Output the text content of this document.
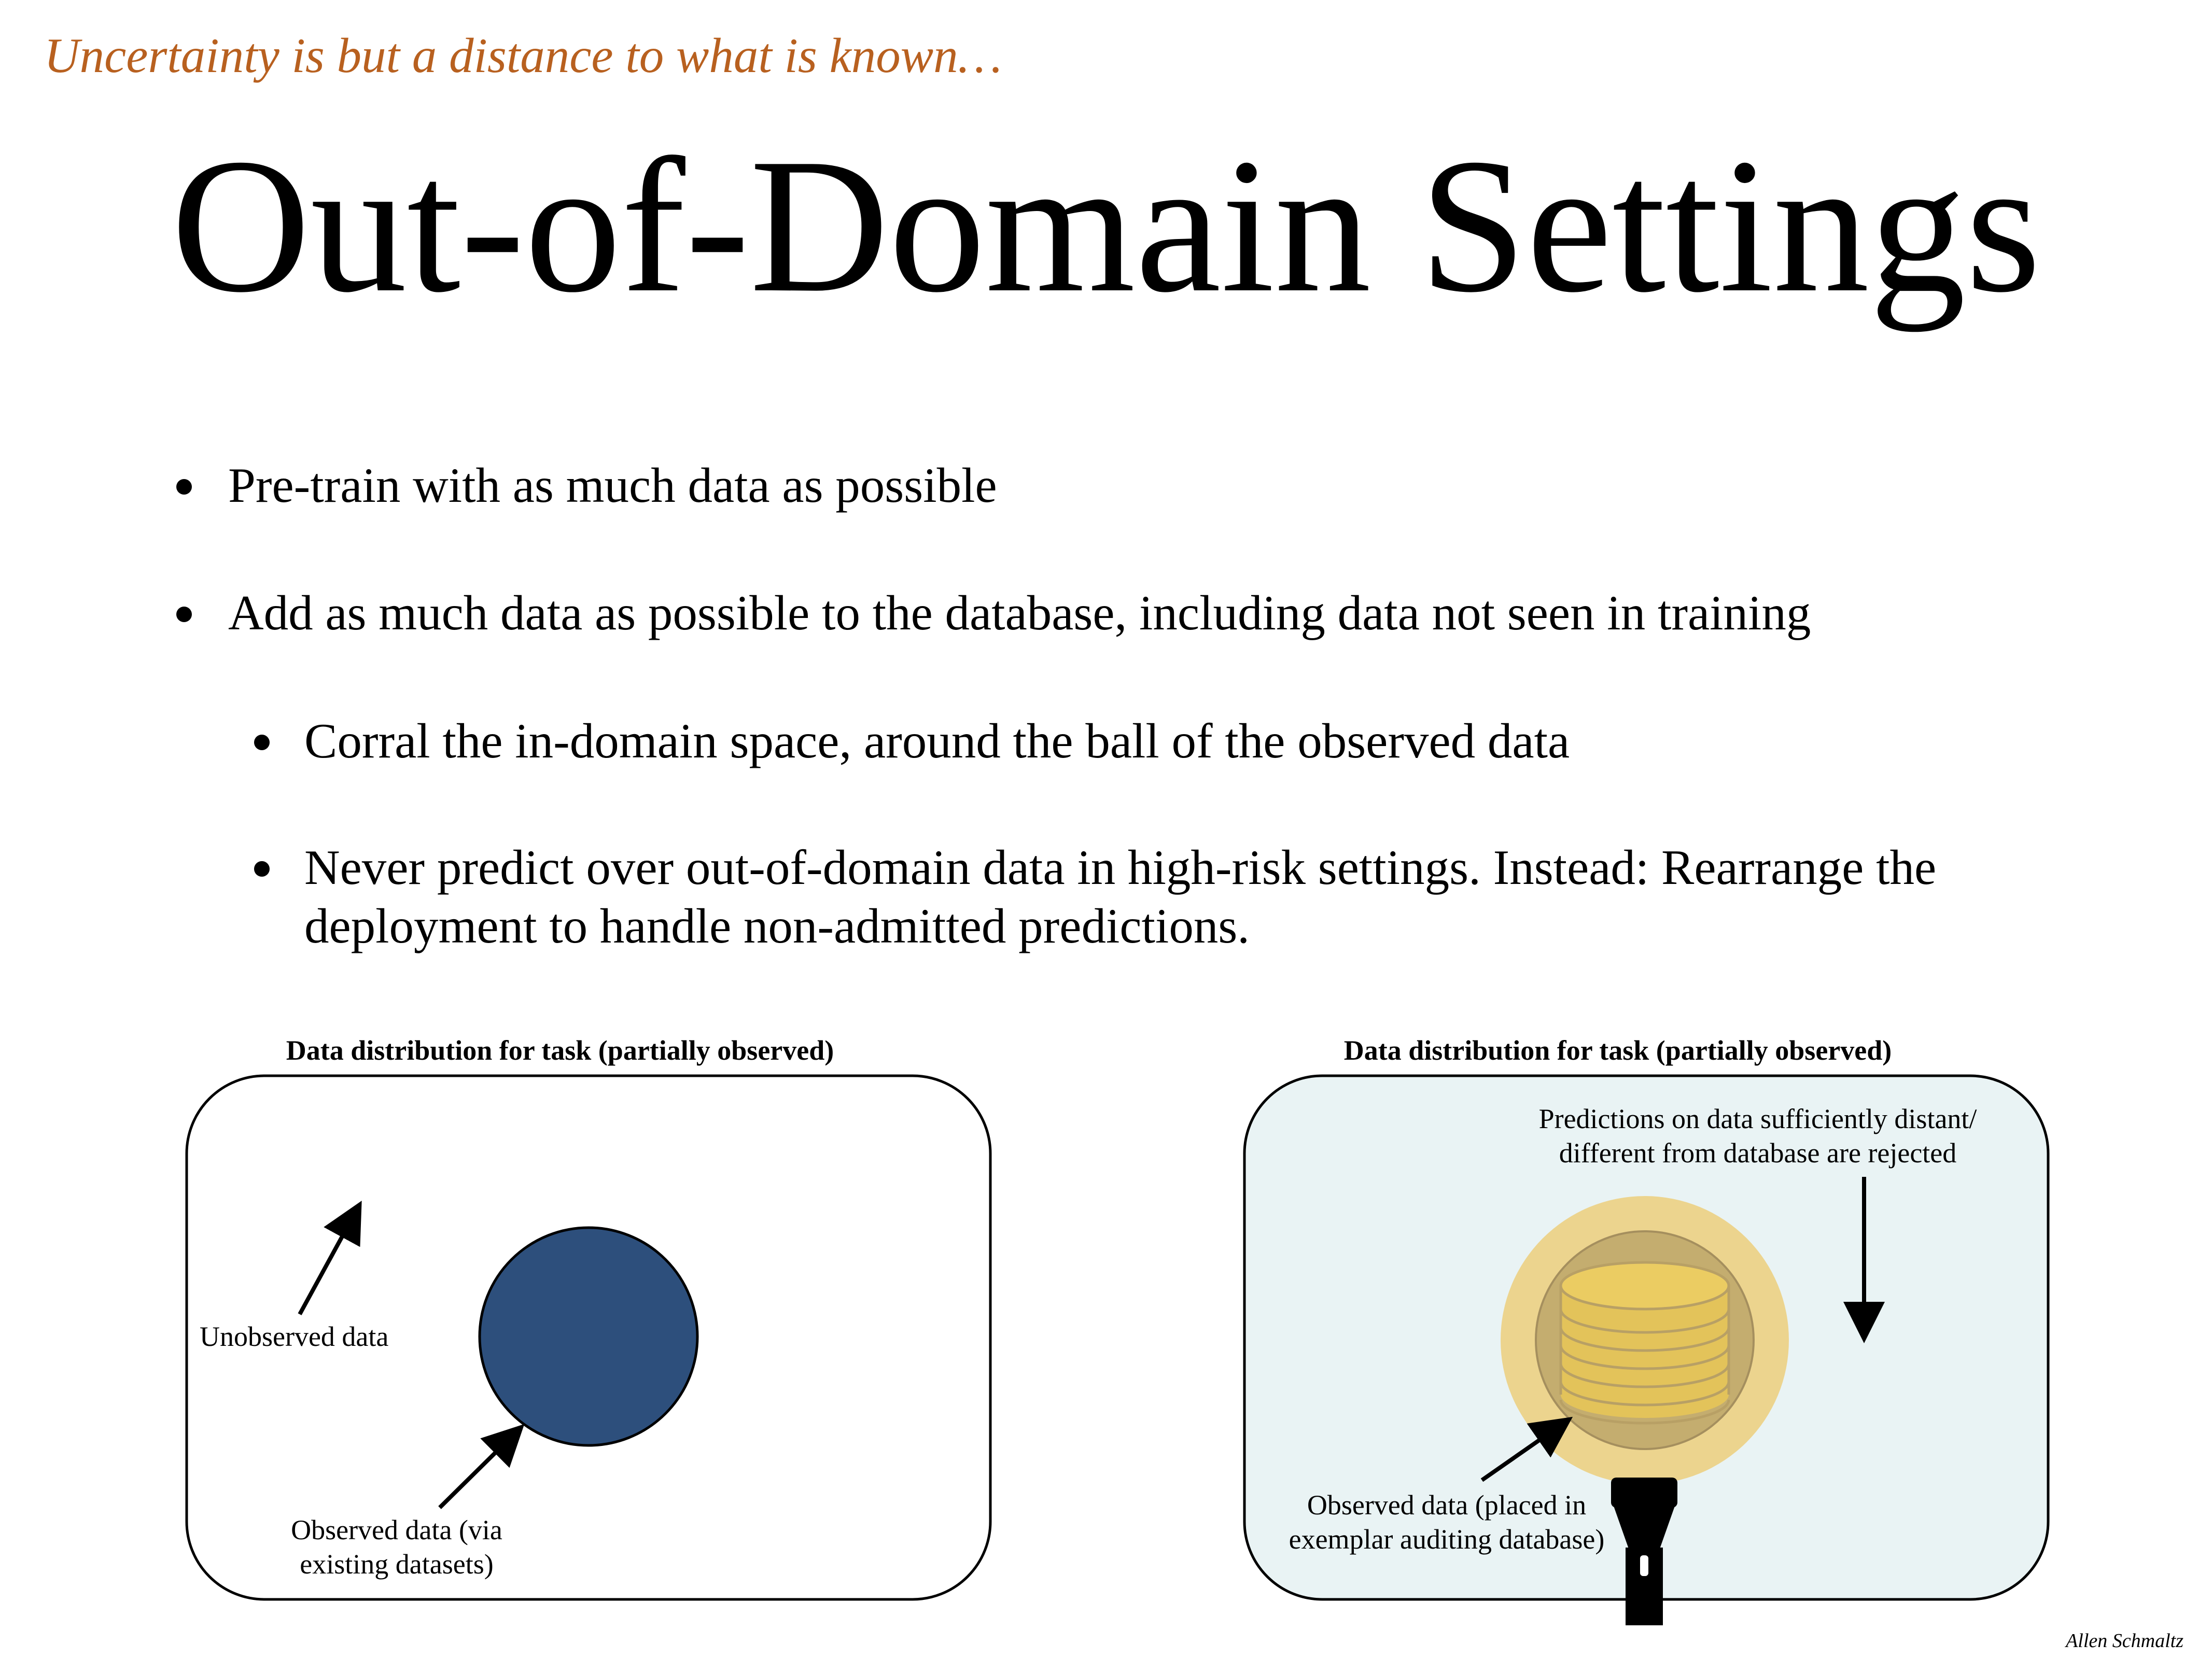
Uncertainty is but a distance to what is known…
Out-of-Domain Settings
Pre-train with as much data as possible
Add as much data as possible to the database, including data not seen in training
Corral the in-domain space, around the ball of the observed data
Never predict over out-of-domain data in high-risk settings. Instead: Rearrange the deployment to handle non-admitted predictions.
Data distribution for task (partially observed)	Data distribution for task (partially observed)
Unobserved data
Observed data (via
existing datasets)
Predictions on data sufficiently distant/
different from database are rejected
Observed data (placed in
exemplar auditing database)
Allen Schmaltz
